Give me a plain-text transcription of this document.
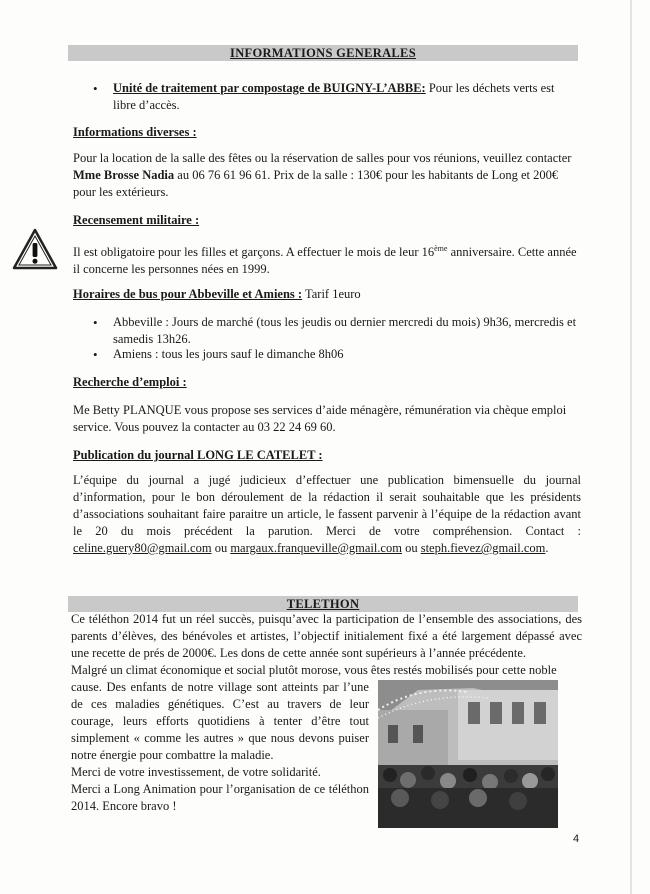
INFORMATIONS GENERALES
• Unité de traitement par compostage de BUIGNY-L’ABBE: Pour les déchets verts est libre d’accès.
Informations diverses :
Pour la location de la salle des fêtes ou la réservation de salles pour vos réunions, veuillez contacter Mme Brosse Nadia au 06 76 61 96 61. Prix de la salle : 130€ pour les habitants de Long et 200€ pour les extérieurs.
Recensement militaire :
Il est obligatoire pour les filles et garçons. A effectuer le mois de leur 16ème anniversaire. Cette année il concerne les personnes nées en 1999.
Horaires de bus pour Abbeville et Amiens : Tarif 1euro
• Abbeville : Jours de marché (tous les jeudis ou dernier mercredi du mois) 9h36, mercredis et samedis 13h26.
• Amiens : tous les jours sauf le dimanche 8h06
Recherche d’emploi :
Me Betty PLANQUE vous propose ses services d’aide ménagère, rémunération via chèque emploi service. Vous pouvez la contacter au 03 22 24 69 60.
Publication du journal LONG LE CATELET :
L’équipe du journal a jugé judicieux d’effectuer une publication bimensuelle du journal d’information, pour le bon déroulement de la rédaction il serait souhaitable que les présidents d’associations souhaitant faire paraitre un article, le fassent parvenir à l’équipe de la rédaction avant le 20 du mois précédent la parution. Merci de votre compréhension. Contact : celine.guery80@gmail.com ou margaux.franqueville@gmail.com ou steph.fievez@gmail.com.
TELETHON
Ce téléthon 2014 fut un réel succès, puisqu’avec la participation de l’ensemble des associations, des parents d’élèves, des bénévoles et artistes, l’objectif initialement fixé a été largement dépassé avec une recette de prés de 2000€. Les dons de cette année sont supérieurs à l’année précédente.
Malgré un climat économique et social plutôt morose, vous êtes restés mobilisés pour cette noble
cause. Des enfants de notre village sont atteints par l’une de ces maladies génétiques. C’est au travers de leur courage, leurs efforts quotidiens à tenter d’être tout simplement « comme les autres » que nous devons puiser notre énergie pour combattre la maladie.
Merci de votre investissement, de votre solidarité.
Merci a Long Animation pour l’organisation de ce téléthon 2014. Encore bravo !
4
